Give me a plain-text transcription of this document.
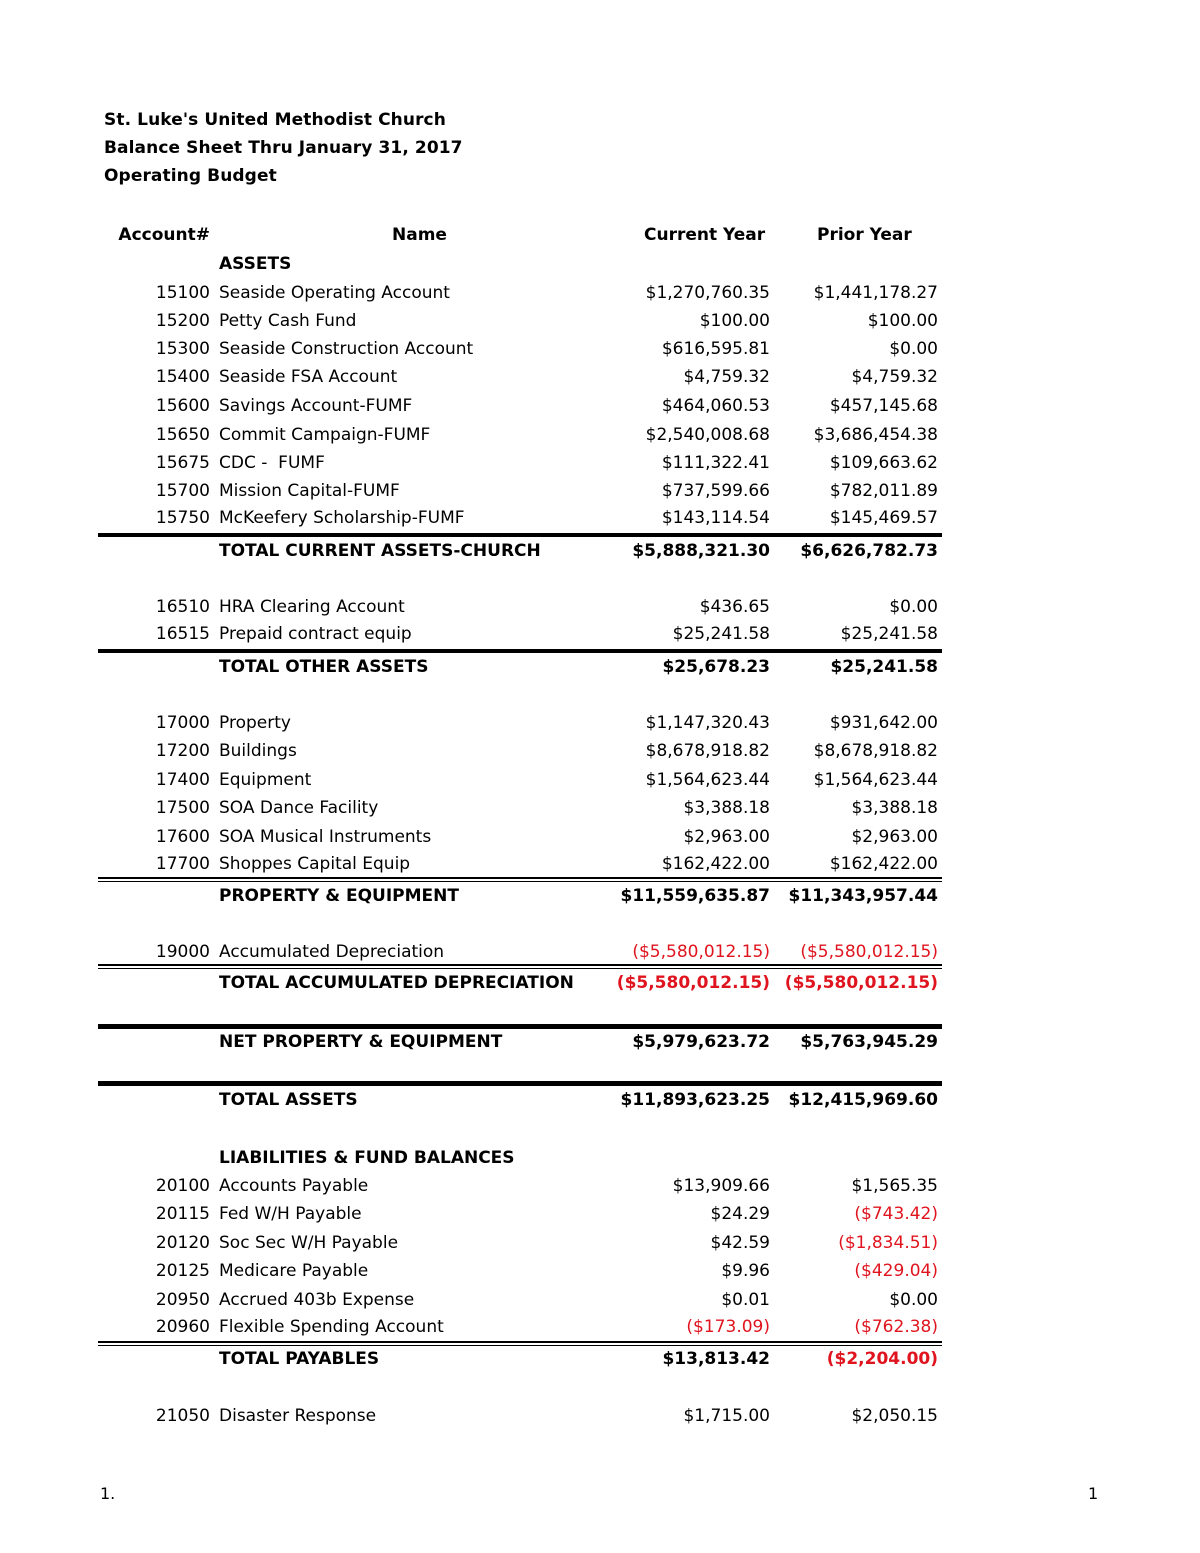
St. Luke's United Methodist Church
Balance Sheet Thru January 31, 2017
Operating Budget
Account#	Name	Current Year	Prior Year
ASSETS
15100 Seaside Operating Account	$1,270,760.35	$1,441,178.27
15200 Petty Cash Fund	$100.00	$100.00
15300 Seaside Construction Account	$616,595.81	$0.00
15400 Seaside FSA Account	$4,759.32	$4,759.32
15600 Savings Account-FUMF	$464,060.53	$457,145.68
15650 Commit Campaign-FUMF	$2,540,008.68	$3,686,454.38
15675 CDC -  FUMF	$111,322.41	$109,663.62
15700 Mission Capital-FUMF	$737,599.66	$782,011.89
15750 McKeefery Scholarship-FUMF	$143,114.54	$145,469.57
TOTAL CURRENT ASSETS-CHURCH	$5,888,321.30 $6,626,782.73
16510 HRA Clearing Account	$436.65	$0.00
16515 Prepaid contract equip	$25,241.58	$25,241.58
TOTAL OTHER ASSETS	$25,678.23	$25,241.58
17000 Property	$1,147,320.43	$931,642.00
17200 Buildings	$8,678,918.82	$8,678,918.82
17400 Equipment	$1,564,623.44	$1,564,623.44
17500 SOA Dance Facility	$3,388.18	$3,388.18
17600 SOA Musical Instruments	$2,963.00	$2,963.00
17700 Shoppes Capital Equip	$162,422.00	$162,422.00
PROPERTY & EQUIPMENT	$11,559,635.87 $11,343,957.44
19000 Accumulated Depreciation	($5,580,012.15) ($5,580,012.15)
TOTAL ACCUMULATED DEPRECIATION	($5,580,012.15) ($5,580,012.15)
NET PROPERTY & EQUIPMENT	$5,979,623.72 $5,763,945.29
TOTAL ASSETS	$11,893,623.25 $12,415,969.60
LIABILITIES & FUND BALANCES
20100 Accounts Payable	$13,909.66	$1,565.35
20115 Fed W/H Payable	$24.29	($743.42)
20120 Soc Sec W/H Payable	$42.59	($1,834.51)
20125 Medicare Payable	$9.96	($429.04)
20950 Accrued 403b Expense	$0.01	$0.00
20960 Flexible Spending Account	($173.09)	($762.38)
TOTAL PAYABLES	$13,813.42	($2,204.00)
21050 Disaster Response	$1,715.00	$2,050.15
1.	1
